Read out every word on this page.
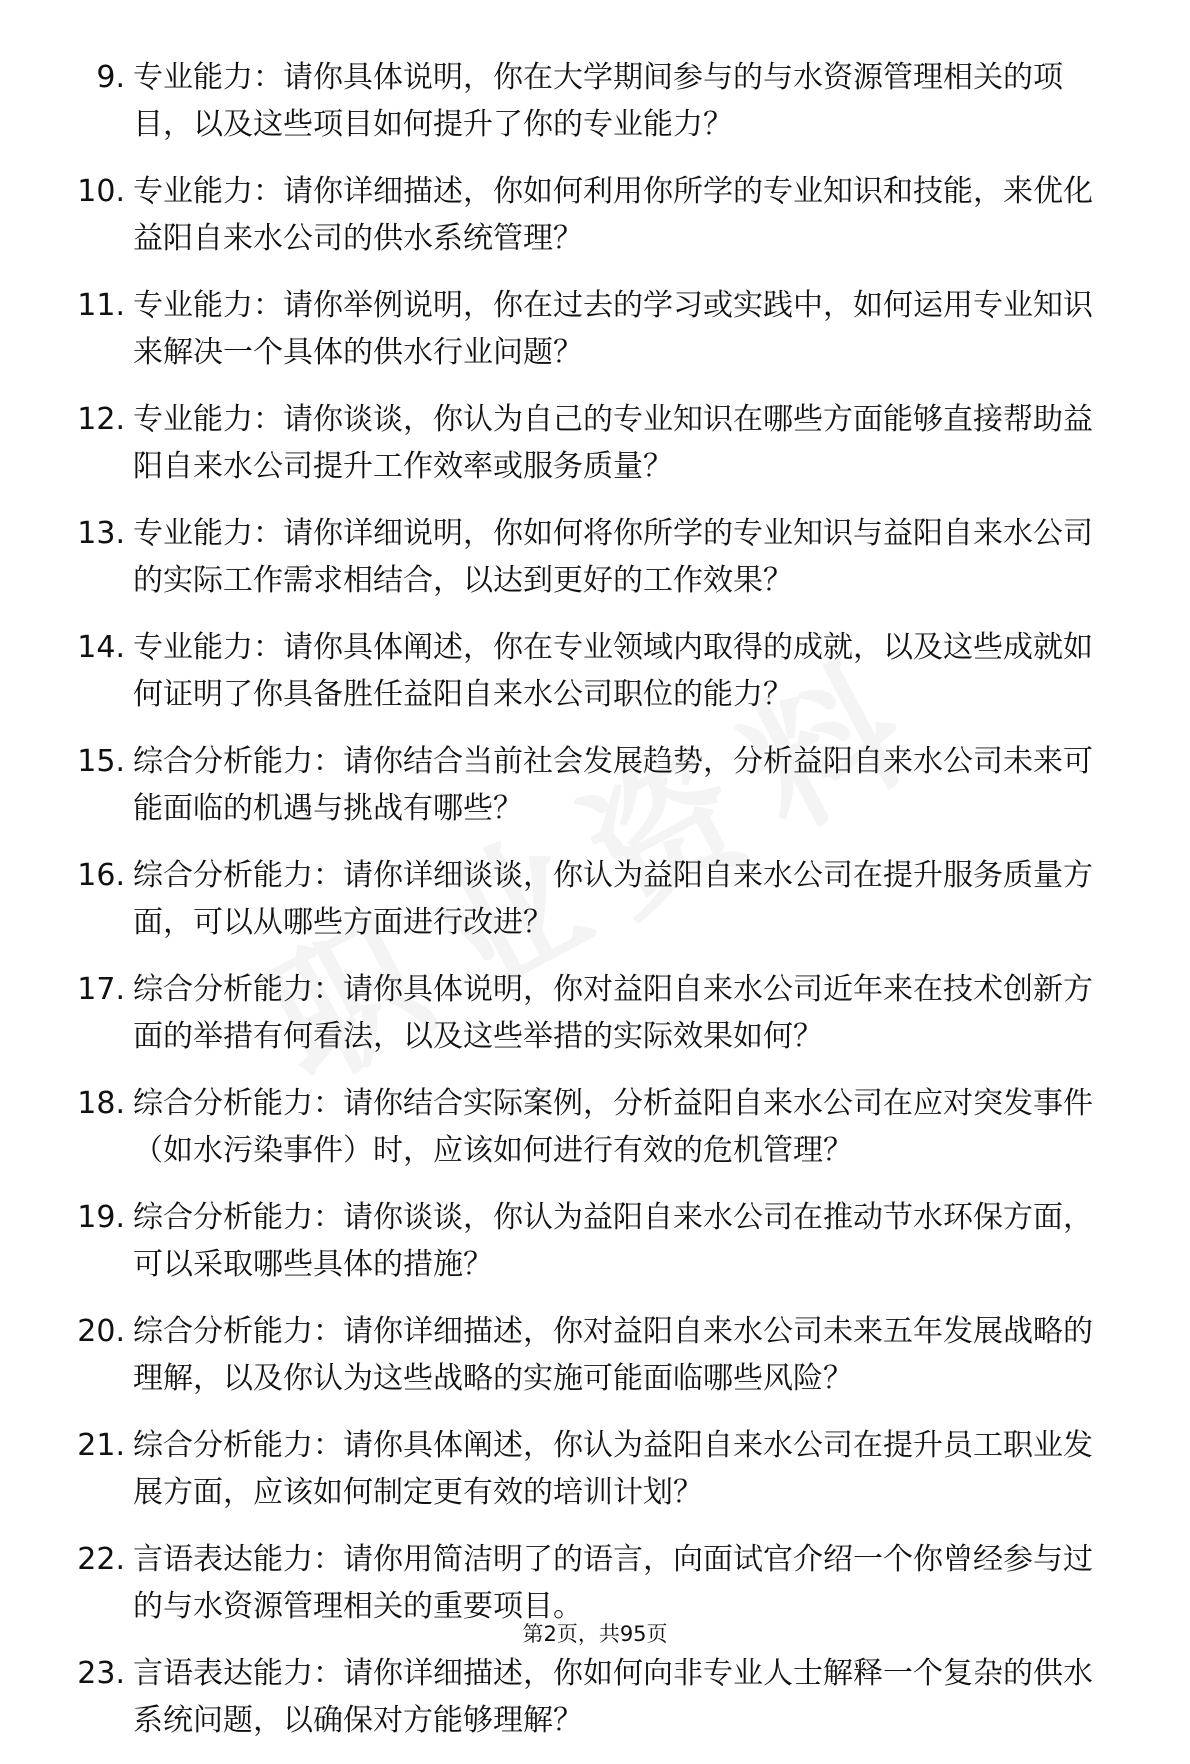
9. 专业能力：请你具体说明，你在大学期间参与的与水资源管理相关的项目，以及这些项目如何提升了你的专业能力？
10. 专业能力：请你详细描述，你如何利用你所学的专业知识和技能，来优化益阳自来水公司的供水系统管理？
11. 专业能力：请你举例说明，你在过去的学习或实践中，如何运用专业知识来解决一个具体的供水行业问题？
12. 专业能力：请你谈谈，你认为自己的专业知识在哪些方面能够直接帮助益阳自来水公司提升工作效率或服务质量？
13. 专业能力：请你详细说明，你如何将你所学的专业知识与益阳自来水公司的实际工作需求相结合，以达到更好的工作效果？
14. 专业能力：请你具体阐述，你在专业领域内取得的成就，以及这些成就如何证明了你具备胜任益阳自来水公司职位的能力？
15. 综合分析能力：请你结合当前社会发展趋势，分析益阳自来水公司未来可能面临的机遇与挑战有哪些？
16. 综合分析能力：请你详细谈谈，你认为益阳自来水公司在提升服务质量方面，可以从哪些方面进行改进？
17. 综合分析能力：请你具体说明，你对益阳自来水公司近年来在技术创新方面的举措有何看法，以及这些举措的实际效果如何？
18. 综合分析能力：请你结合实际案例，分析益阳自来水公司在应对突发事件（如水污染事件）时，应该如何进行有效的危机管理？
19. 综合分析能力：请你谈谈，你认为益阳自来水公司在推动节水环保方面，可以采取哪些具体的措施？
20. 综合分析能力：请你详细描述，你对益阳自来水公司未来五年发展战略的理解，以及你认为这些战略的实施可能面临哪些风险？
21. 综合分析能力：请你具体阐述，你认为益阳自来水公司在提升员工职业发展方面，应该如何制定更有效的培训计划？
22. 言语表达能力：请你用简洁明了的语言，向面试官介绍一个你曾经参与过的与水资源管理相关的重要项目。
23. 言语表达能力：请你详细描述，你如何向非专业人士解释一个复杂的供水系统问题，以确保对方能够理解？
第2页，共95页
